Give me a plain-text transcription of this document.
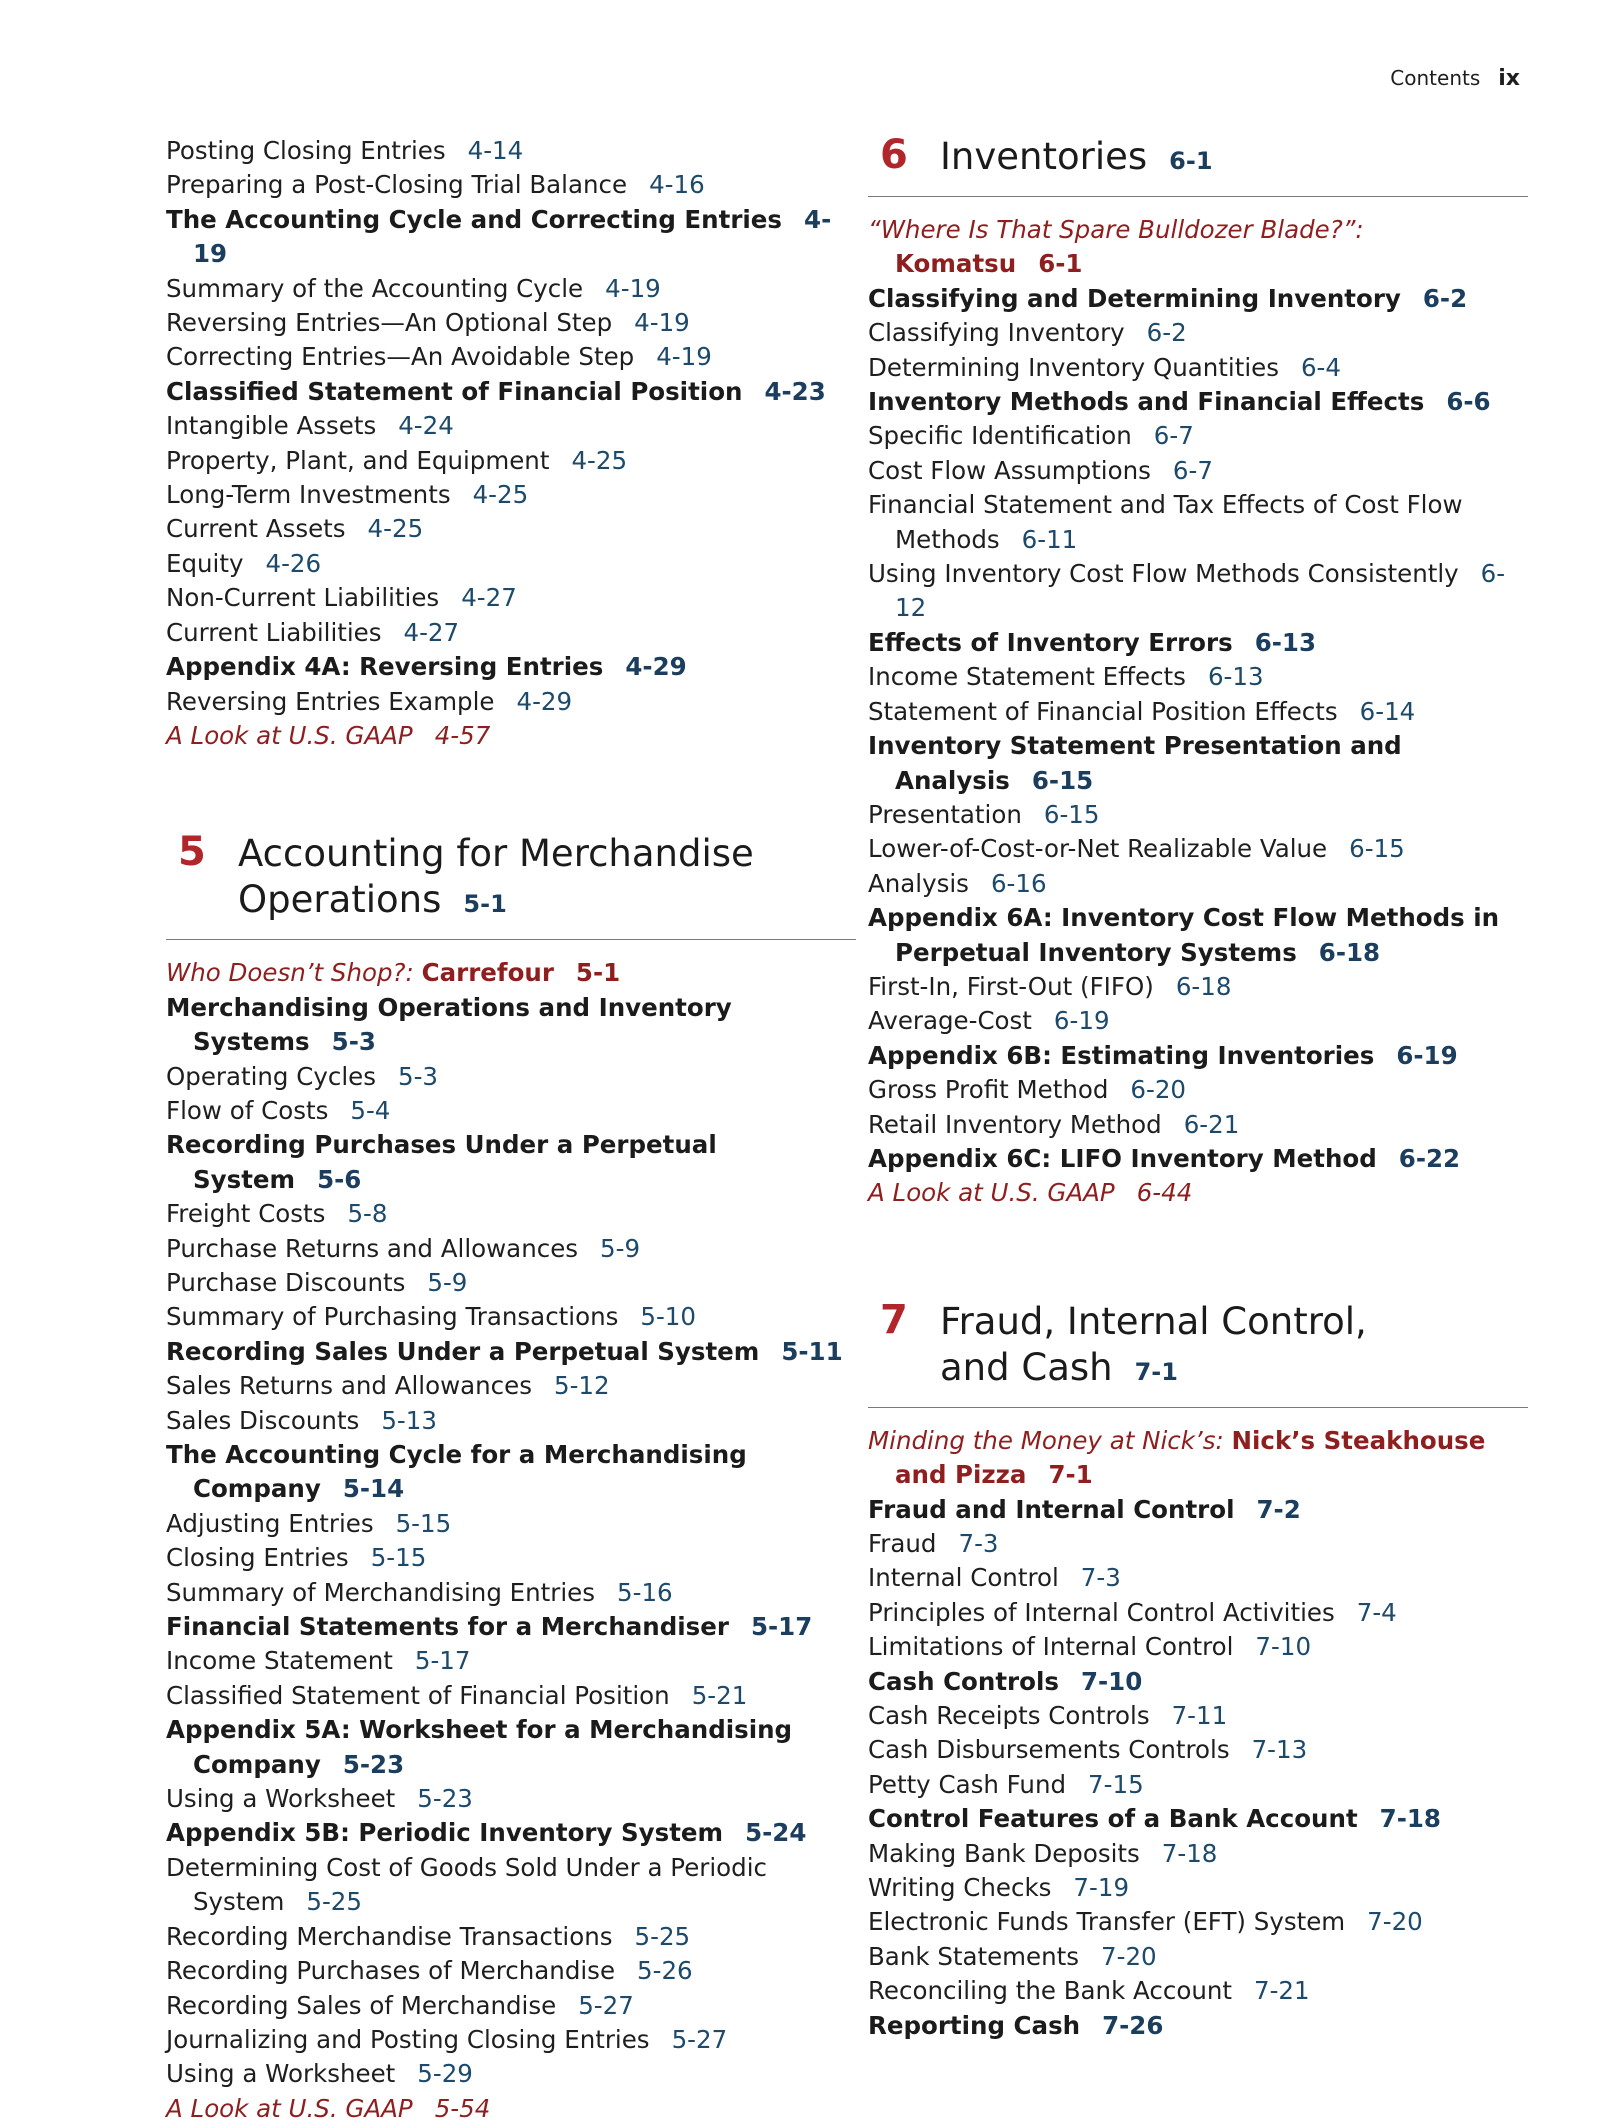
Contents ix
Posting Closing Entries 4-14
Preparing a Post-Closing Trial Balance 4-16
The Accounting Cycle and Correcting Entries 4-19
Summary of the Accounting Cycle 4-19
Reversing Entries—An Optional Step 4-19
Correcting Entries—An Avoidable Step 4-19
Classified Statement of Financial Position 4-23
Intangible Assets 4-24
Property, Plant, and Equipment 4-25
Long-Term Investments 4-25
Current Assets 4-25
Equity 4-26
Non-Current Liabilities 4-27
Current Liabilities 4-27
Appendix 4A: Reversing Entries 4-29
Reversing Entries Example 4-29
A Look at U.S. GAAP 4-57
5 Accounting for Merchandise
Operations 5-1
Who Doesn’t Shop?: Carrefour 5-1
Merchandising Operations and Inventory Systems 5-3
Operating Cycles 5-3
Flow of Costs 5-4
Recording Purchases Under a Perpetual System 5-6
Freight Costs 5-8
Purchase Returns and Allowances 5-9
Purchase Discounts 5-9
Summary of Purchasing Transactions 5-10
Recording Sales Under a Perpetual System 5-11
Sales Returns and Allowances 5-12
Sales Discounts 5-13
The Accounting Cycle for a Merchandising Company 5-14
Adjusting Entries 5-15
Closing Entries 5-15
Summary of Merchandising Entries 5-16
Financial Statements for a Merchandiser 5-17
Income Statement 5-17
Classified Statement of Financial Position 5-21
Appendix 5A: Worksheet for a Merchandising Company 5-23
Using a Worksheet 5-23
Appendix 5B: Periodic Inventory System 5-24
Determining Cost of Goods Sold Under a Periodic System 5-25
Recording Merchandise Transactions 5-25
Recording Purchases of Merchandise 5-26
Recording Sales of Merchandise 5-27
Journalizing and Posting Closing Entries 5-27
Using a Worksheet 5-29
A Look at U.S. GAAP 5-54
6 Inventories 6-1
“Where Is That Spare Bulldozer Blade?”: Komatsu 6-1
Classifying and Determining Inventory 6-2
Classifying Inventory 6-2
Determining Inventory Quantities 6-4
Inventory Methods and Financial Effects 6-6
Specific Identification 6-7
Cost Flow Assumptions 6-7
Financial Statement and Tax Effects of Cost Flow Methods 6-11
Using Inventory Cost Flow Methods Consistently 6-12
Effects of Inventory Errors 6-13
Income Statement Effects 6-13
Statement of Financial Position Effects 6-14
Inventory Statement Presentation and Analysis 6-15
Presentation 6-15
Lower-of-Cost-or-Net Realizable Value 6-15
Analysis 6-16
Appendix 6A: Inventory Cost Flow Methods in Perpetual Inventory Systems 6-18
First-In, First-Out (FIFO) 6-18
Average-Cost 6-19
Appendix 6B: Estimating Inventories 6-19
Gross Profit Method 6-20
Retail Inventory Method 6-21
Appendix 6C: LIFO Inventory Method 6-22
A Look at U.S. GAAP 6-44
7 Fraud, Internal Control,
and Cash 7-1
Minding the Money at Nick’s: Nick’s Steakhouse and Pizza 7-1
Fraud and Internal Control 7-2
Fraud 7-3
Internal Control 7-3
Principles of Internal Control Activities 7-4
Limitations of Internal Control 7-10
Cash Controls 7-10
Cash Receipts Controls 7-11
Cash Disbursements Controls 7-13
Petty Cash Fund 7-15
Control Features of a Bank Account 7-18
Making Bank Deposits 7-18
Writing Checks 7-19
Electronic Funds Transfer (EFT) System 7-20
Bank Statements 7-20
Reconciling the Bank Account 7-21
Reporting Cash 7-26
